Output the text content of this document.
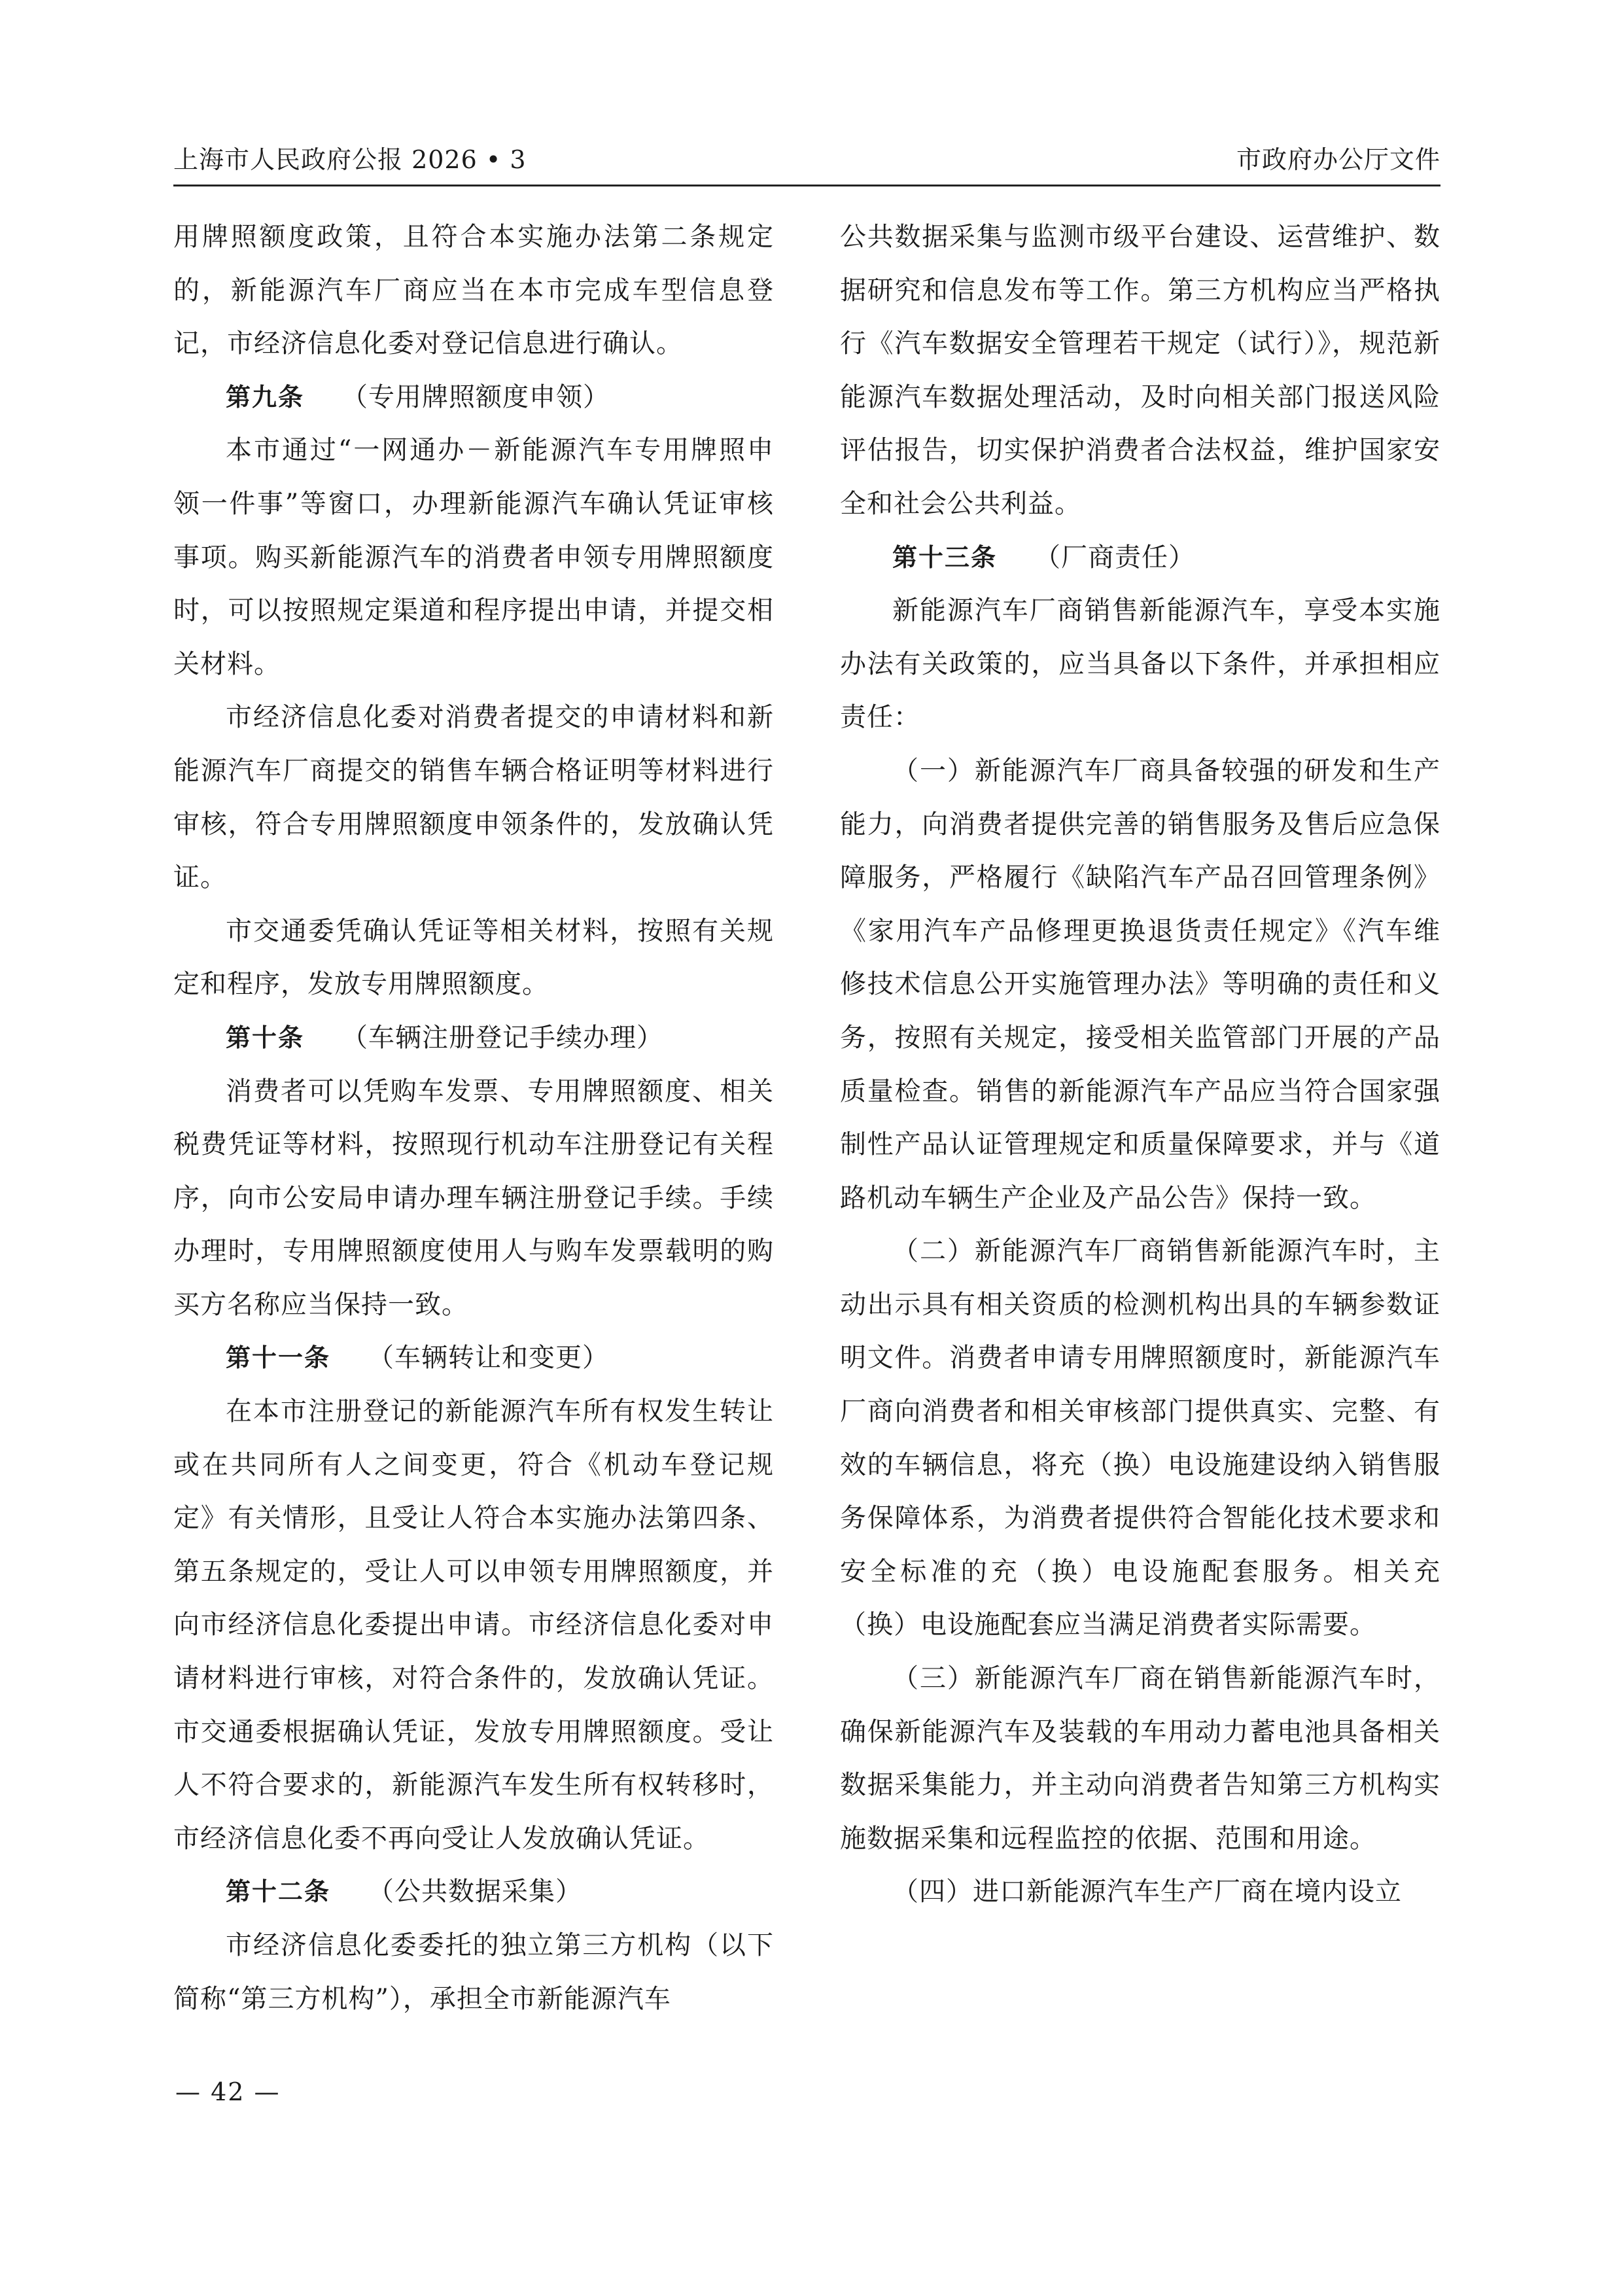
上海市人民政府公报 2026 • 3	市政府办公厅文件

用牌照额度政策，且符合本实施办法第二条规定的，新能源汽车厂商应当在本市完成车型信息登记，市经济信息化委对登记信息进行确认。

第九条 （专用牌照额度申领）

本市通过“一网通办－新能源汽车专用牌照申领一件事”等窗口，办理新能源汽车确认凭证审核事项。购买新能源汽车的消费者申领专用牌照额度时，可以按照规定渠道和程序提出申请，并提交相关材料。

市经济信息化委对消费者提交的申请材料和新能源汽车厂商提交的销售车辆合格证明等材料进行审核，符合专用牌照额度申领条件的，发放确认凭证。

市交通委凭确认凭证等相关材料，按照有关规定和程序，发放专用牌照额度。

第十条 （车辆注册登记手续办理）

消费者可以凭购车发票、专用牌照额度、相关税费凭证等材料，按照现行机动车注册登记有关程序，向市公安局申请办理车辆注册登记手续。手续办理时，专用牌照额度使用人与购车发票载明的购买方名称应当保持一致。

第十一条 （车辆转让和变更）

在本市注册登记的新能源汽车所有权发生转让或在共同所有人之间变更，符合《机动车登记规定》有关情形，且受让人符合本实施办法第四条、第五条规定的，受让人可以申领专用牌照额度，并向市经济信息化委提出申请。市经济信息化委对申请材料进行审核，对符合条件的，发放确认凭证。市交通委根据确认凭证，发放专用牌照额度。受让人不符合要求的，新能源汽车发生所有权转移时，市经济信息化委不再向受让人发放确认凭证。

第十二条 （公共数据采集）

市经济信息化委委托的独立第三方机构（以下简称“第三方机构”），承担全市新能源汽车

公共数据采集与监测市级平台建设、运营维护、数据研究和信息发布等工作。第三方机构应当严格执行《汽车数据安全管理若干规定（试行）》，规范新能源汽车数据处理活动，及时向相关部门报送风险评估报告，切实保护消费者合法权益，维护国家安全和社会公共利益。

第十三条 （厂商责任）

新能源汽车厂商销售新能源汽车，享受本实施办法有关政策的，应当具备以下条件，并承担相应责任：

（一）新能源汽车厂商具备较强的研发和生产能力，向消费者提供完善的销售服务及售后应急保障服务，严格履行《缺陷汽车产品召回管理条例》《家用汽车产品修理更换退货责任规定》《汽车维修技术信息公开实施管理办法》等明确的责任和义务，按照有关规定，接受相关监管部门开展的产品质量检查。销售的新能源汽车产品应当符合国家强制性产品认证管理规定和质量保障要求，并与《道路机动车辆生产企业及产品公告》保持一致。

（二）新能源汽车厂商销售新能源汽车时，主动出示具有相关资质的检测机构出具的车辆参数证明文件。消费者申请专用牌照额度时，新能源汽车厂商向消费者和相关审核部门提供真实、完整、有效的车辆信息，将充（换）电设施建设纳入销售服务保障体系，为消费者提供符合智能化技术要求和安全标准的充（换）电设施配套服务。相关充（换）电设施配套应当满足消费者实际需要。

（三）新能源汽车厂商在销售新能源汽车时，确保新能源汽车及装载的车用动力蓄电池具备相关数据采集能力，并主动向消费者告知第三方机构实施数据采集和远程监控的依据、范围和用途。

（四）进口新能源汽车生产厂商在境内设立

— 42 —
